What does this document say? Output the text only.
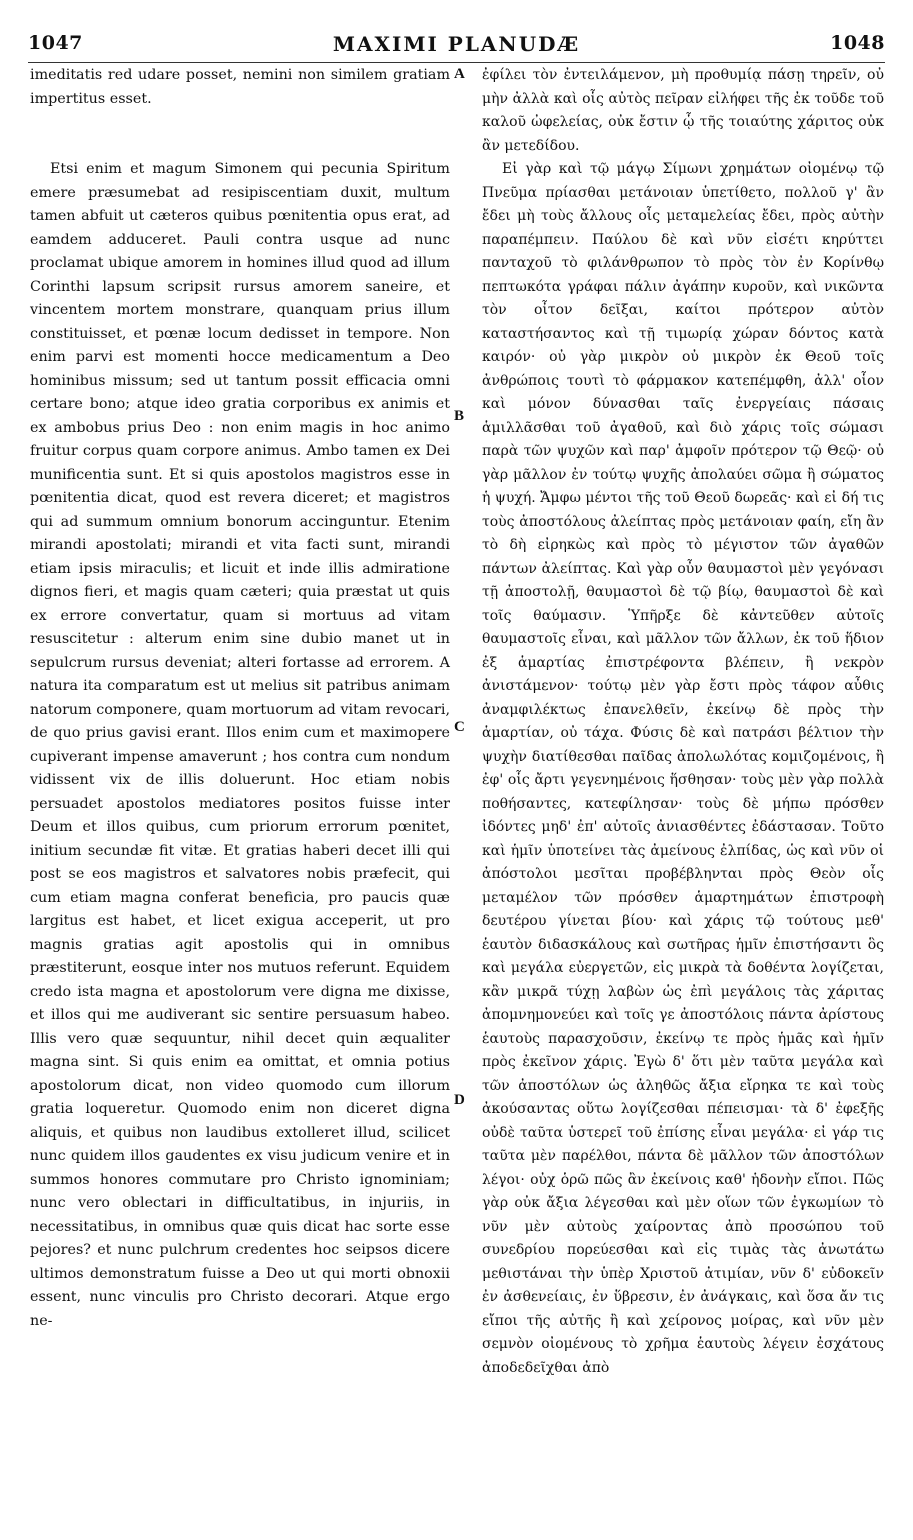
1047	MAXIMI PLANUDÆ	1048
A
B
C
D

imeditatis red udare posset, nemini non similem gratiam impertitus esset.

Etsi enim et magum Simonem qui pecunia Spiritum emere præsumebat ad resipiscentiam duxit, multum tamen abfuit ut cæteros quibus pœnitentia opus erat, ad eamdem adduceret. Pauli contra usque ad nunc proclamat ubique amorem in homines illud quod ad illum Corinthi lapsum scripsit rursus amorem saneire, et vincentem mortem monstrare, quanquam prius illum constituisset, et pœnæ locum dedisset in tempore. Non enim parvi est momenti hocce medicamentum a Deo hominibus missum; sed ut tantum possit efficacia omni certare bono; atque ideo gratia corporibus ex animis et ex ambobus prius Deo : non enim magis in hoc animo fruitur corpus quam corpore animus. Ambo tamen ex Dei munificentia sunt. Et si quis apostolos magistros esse in pœnitentia dicat, quod est revera diceret; et magistros qui ad summum omnium bonorum accinguntur. Etenim mirandi apostolati; mirandi et vita facti sunt, mirandi etiam ipsis miraculis; et licuit et inde illis admiratione dignos fieri, et magis quam cæteri; quia præstat ut quis ex errore convertatur, quam si mortuus ad vitam resuscitetur : alterum enim sine dubio manet ut in sepulcrum rursus deveniat; alteri fortasse ad errorem. A natura ita comparatum est ut melius sit patribus animam natorum componere, quam mortuorum ad vitam revocari, de quo prius gavisi erant. Illos enim cum et maximopere cupiverant impense amaverunt ; hos contra cum nondum vidissent vix de illis doluerunt. Hoc etiam nobis persuadet apostolos mediatores positos fuisse inter Deum et illos quibus, cum priorum errorum pœnitet, initium secundæ fit vitæ. Et gratias haberi decet illi qui post se eos magistros et salvatores nobis præfecit, qui cum etiam magna conferat beneficia, pro paucis quæ largitus est habet, et licet exigua acceperit, ut pro magnis gratias agit apostolis qui in omnibus præstiterunt, eosque inter nos mutuos referunt. Equidem credo ista magna et apostolorum vere digna me dixisse, et illos qui me audiverant sic sentire persuasum habeo. Illis vero quæ sequuntur, nihil decet quin æqualiter magna sint. Si quis enim ea omittat, et omnia potius apostolorum dicat, non video quomodo cum illorum gratia loqueretur. Quomodo enim non diceret digna aliquis, et quibus non laudibus extolleret illud, scilicet nunc quidem illos gaudentes ex visu judicum venire et in summos honores commutare pro Christo ignominiam; nunc vero oblectari in difficultatibus, in injuriis, in necessitatibus, in omnibus quæ quis dicat hac sorte esse pejores? et nunc pulchrum credentes hoc seipsos dicere ultimos demonstratum fuisse a Deo ut qui morti obnoxii essent, nunc vinculis pro Christo decorari. Atque ergo ne-

ἐφίλει τὸν ἐντειλάμενον, μὴ προθυμίᾳ πάσῃ τηρεῖν, οὐ μὴν ἀλλὰ καὶ οἷς αὐτὸς πεῖραν εἰλήφει τῆς ἐκ τοῦδε τοῦ καλοῦ ὠφελείας, οὐκ ἔστιν ᾧ τῆς τοιαύτης χάριτος οὐκ ἂν μετεδίδου.

Εἰ γὰρ καὶ τῷ μάγῳ Σίμωνι χρημάτων οἰομένῳ τῷ Πνεῦμα πρίασθαι μετάνοιαν ὑπετίθετο, πολλοῦ γ' ἂν ἔδει μὴ τοὺς ἄλλους οἷς μεταμελείας ἔδει, πρὸς αὐτὴν παραπέμπειν. Παύλου δὲ καὶ νῦν εἰσέτι κηρύττει πανταχοῦ τὸ φιλάνθρωπον τὸ πρὸς τὸν ἐν Κορίνθῳ πεπτωκότα γράφαι πάλιν ἀγάπην κυροῦν, καὶ νικῶντα τὸν οἶτον δεῖξαι, καίτοι πρότερον αὐτὸν καταστήσαντος καὶ τῇ τιμωρίᾳ χώραν δόντος κατὰ καιρόν· οὐ γὰρ μικρὸν οὐ μικρὸν ἐκ Θεοῦ τοῖς ἀνθρώποις τουτὶ τὸ φάρμακον κατεπέμφθη, ἀλλ' οἷον καὶ μόνον δύνασθαι ταῖς ἐνεργείαις πάσαις ἁμιλλᾶσθαι τοῦ ἀγαθοῦ, καὶ διὸ χάρις τοῖς σώμασι παρὰ τῶν ψυχῶν καὶ παρ' ἀμφοῖν πρότερον τῷ Θεῷ· οὐ γὰρ μᾶλλον ἐν τούτῳ ψυχῆς ἀπολαύει σῶμα ἢ σώματος ἡ ψυχή. Ἄμφω μέντοι τῆς τοῦ Θεοῦ δωρεᾶς· καὶ εἰ δή τις τοὺς ἀποστόλους ἀλείπτας πρὸς μετάνοιαν φαίη, εἴη ἂν τὸ δὴ εἰρηκὼς καὶ πρὸς τὸ μέγιστον τῶν ἀγαθῶν πάντων ἀλείπτας. Καὶ γὰρ οὖν θαυμαστοὶ μὲν γεγόνασι τῇ ἀποστολῇ, θαυμαστοὶ δὲ τῷ βίῳ, θαυμαστοὶ δὲ καὶ τοῖς θαύμασιν. Ὑπῆρξε δὲ κἀντεῦθεν αὐτοῖς θαυμαστοῖς εἶναι, καὶ μᾶλλον τῶν ἄλλων, ἐκ τοῦ ἥδιον ἐξ ἁμαρτίας ἐπιστρέφοντα βλέπειν, ἢ νεκρὸν ἀνιστάμενον· τούτῳ μὲν γὰρ ἔστι πρὸς τάφον αὖθις ἀναμφιλέκτως ἐπανελθεῖν, ἐκείνῳ δὲ πρὸς τὴν ἁμαρτίαν, οὐ τάχα. Φύσις δὲ καὶ πατράσι βέλτιον τὴν ψυχὴν διατίθεσθαι παῖδας ἀπολωλότας κομιζομένοις, ἢ ἐφ' οἷς ἄρτι γεγενημένοις ἥσθησαν· τοὺς μὲν γὰρ πολλὰ ποθήσαντες, κατεφίλησαν· τοὺς δὲ μήπω πρόσθεν ἰδόντες μηδ' ἐπ' αὐτοῖς ἀνιασθέντες ἐδάστασαν. Τοῦτο καὶ ἡμῖν ὑποτείνει τὰς ἀμείνους ἐλπίδας, ὡς καὶ νῦν οἱ ἀπόστολοι μεσῖται προβέβληνται πρὸς Θεὸν οἷς μεταμέλον τῶν πρόσθεν ἁμαρτημάτων ἐπιστροφὴ δευτέρου γίνεται βίου· καὶ χάρις τῷ τούτους μεθ' ἑαυτὸν διδασκάλους καὶ σωτῆρας ἡμῖν ἐπιστήσαντι ὃς καὶ μεγάλα εὐεργετῶν, εἰς μικρὰ τὰ δοθέντα λογίζεται, κἂν μικρᾶ τύχῃ λαβὼν ὡς ἐπὶ μεγάλοις τὰς χάριτας ἀπομνημονεύει καὶ τοῖς γε ἀποστόλοις πάντα ἀρίστους ἑαυτοὺς παρασχοῦσιν, ἐκείνῳ τε πρὸς ἡμᾶς καὶ ἡμῖν πρὸς ἐκεῖνον χάρις. Ἐγὼ δ' ὅτι μὲν ταῦτα μεγάλα καὶ τῶν ἀποστόλων ὡς ἀληθῶς ἄξια εἴρηκα τε καὶ τοὺς ἀκούσαντας οὕτω λογίζεσθαι πέπεισμαι· τὰ δ' ἐφεξῆς οὐδὲ ταῦτα ὑστερεῖ τοῦ ἐπίσης εἶναι μεγάλα· εἰ γάρ τις ταῦτα μὲν παρέλθοι, πάντα δὲ μᾶλλον τῶν ἀποστόλων λέγοι· οὐχ ὁρῶ πῶς ἂν ἐκείνοις καθ' ἡδονὴν εἴποι. Πῶς γὰρ οὐκ ἄξια λέγεσθαι καὶ μὲν οἵων τῶν ἐγκωμίων τὸ νῦν μὲν αὐτοὺς χαίροντας ἀπὸ προσώπου τοῦ συνεδρίου πορεύεσθαι καὶ εἰς τιμὰς τὰς ἀνωτάτω μεθιστάναι τὴν ὑπὲρ Χριστοῦ ἀτιμίαν, νῦν δ' εὐδοκεῖν ἐν ἀσθενείαις, ἐν ὕβρεσιν, ἐν ἀνάγκαις, καὶ ὅσα ἄν τις εἴποι τῆς αὐτῆς ἢ καὶ χείρονος μοίρας, καὶ νῦν μὲν σεμνὸν οἰομένους τὸ χρῆμα ἑαυτοὺς λέγειν ἐσχάτους ἀποδεδεῖχθαι ἀπὸ
